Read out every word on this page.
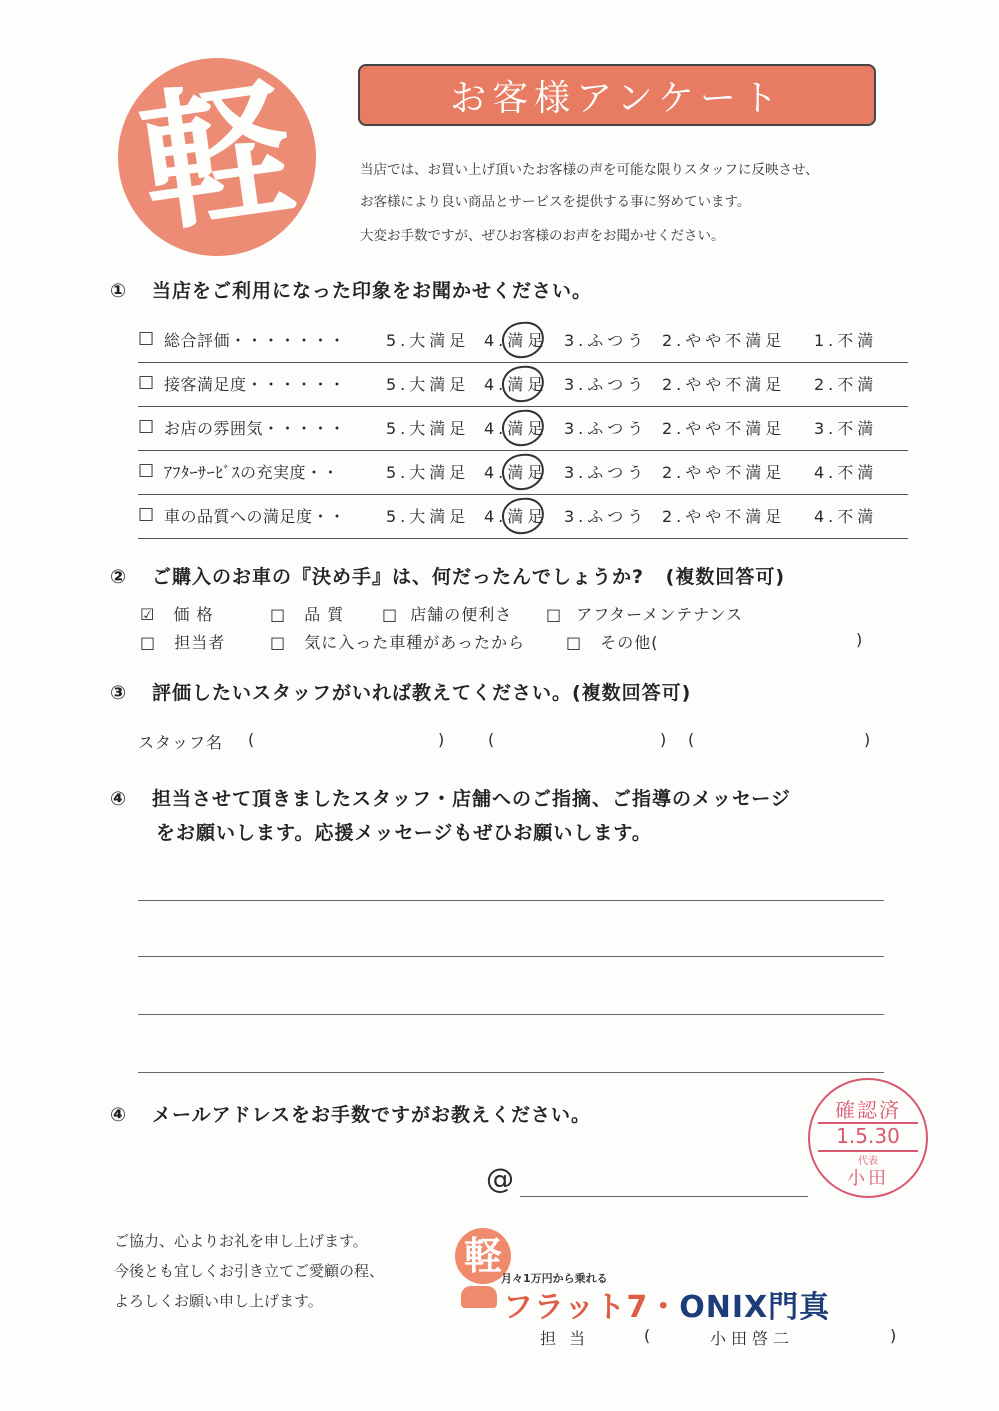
軽	お客様アンケート
当店では、お買い上げ頂いたお客様の声を可能な限りスタッフに反映させ、
お客様により良い商品とサービスを提供する事に努めています。
大変お手数ですが、ぜひお客様のお声をお聞かせください。
① 当店をご利用になった印象をお聞かせください。
□ 総合評価・・・・・・・	5.大満足 4.満足 3.ふつう 2.やや不満足 1.不満
□ 接客満足度・・・・・・	5.大満足 4.満足 3.ふつう 2.やや不満足 2.不満
□ お店の雰囲気・・・・・	5.大満足 4.満足 3.ふつう 2.やや不満足 3.不満
□ ｱﾌﾀｰｻｰﾋﾞｽの充実度・・	5.大満足 4.満足 3.ふつう 2.やや不満足 4.不満
□ 車の品質への満足度・・	5.大満足 4.満足 3.ふつう 2.やや不満足 4.不満
② ご購入のお車の『決め手』は、何だったんでしょうか? (複数回答可)
☑ 価 格	□ 品 質 □ 店舗の便利さ □ アフターメンテナンス
□ 担当者	□ 気に入った車種があったから	□ その他(	)
③ 評価したいスタッフがいれば教えてください。(複数回答可)
スタッフ名 (	)	(	) (	)
④ 担当させて頂きましたスタッフ・店舗へのご指摘、ご指導のメッセージ
をお願いします。応援メッセージもぜひお願いします。
④ メールアドレスをお手数ですがお教えください。
@
確認済
1.5.30
代表
小田
ご協力、心よりお礼を申し上げます。
今後とも宜しくお引き立てご愛顧の程、
よろしくお願い申し上げます。
軽
月々1万円から乗れる
フラット7・ONIX門真
担 当	(	小田啓二	)
